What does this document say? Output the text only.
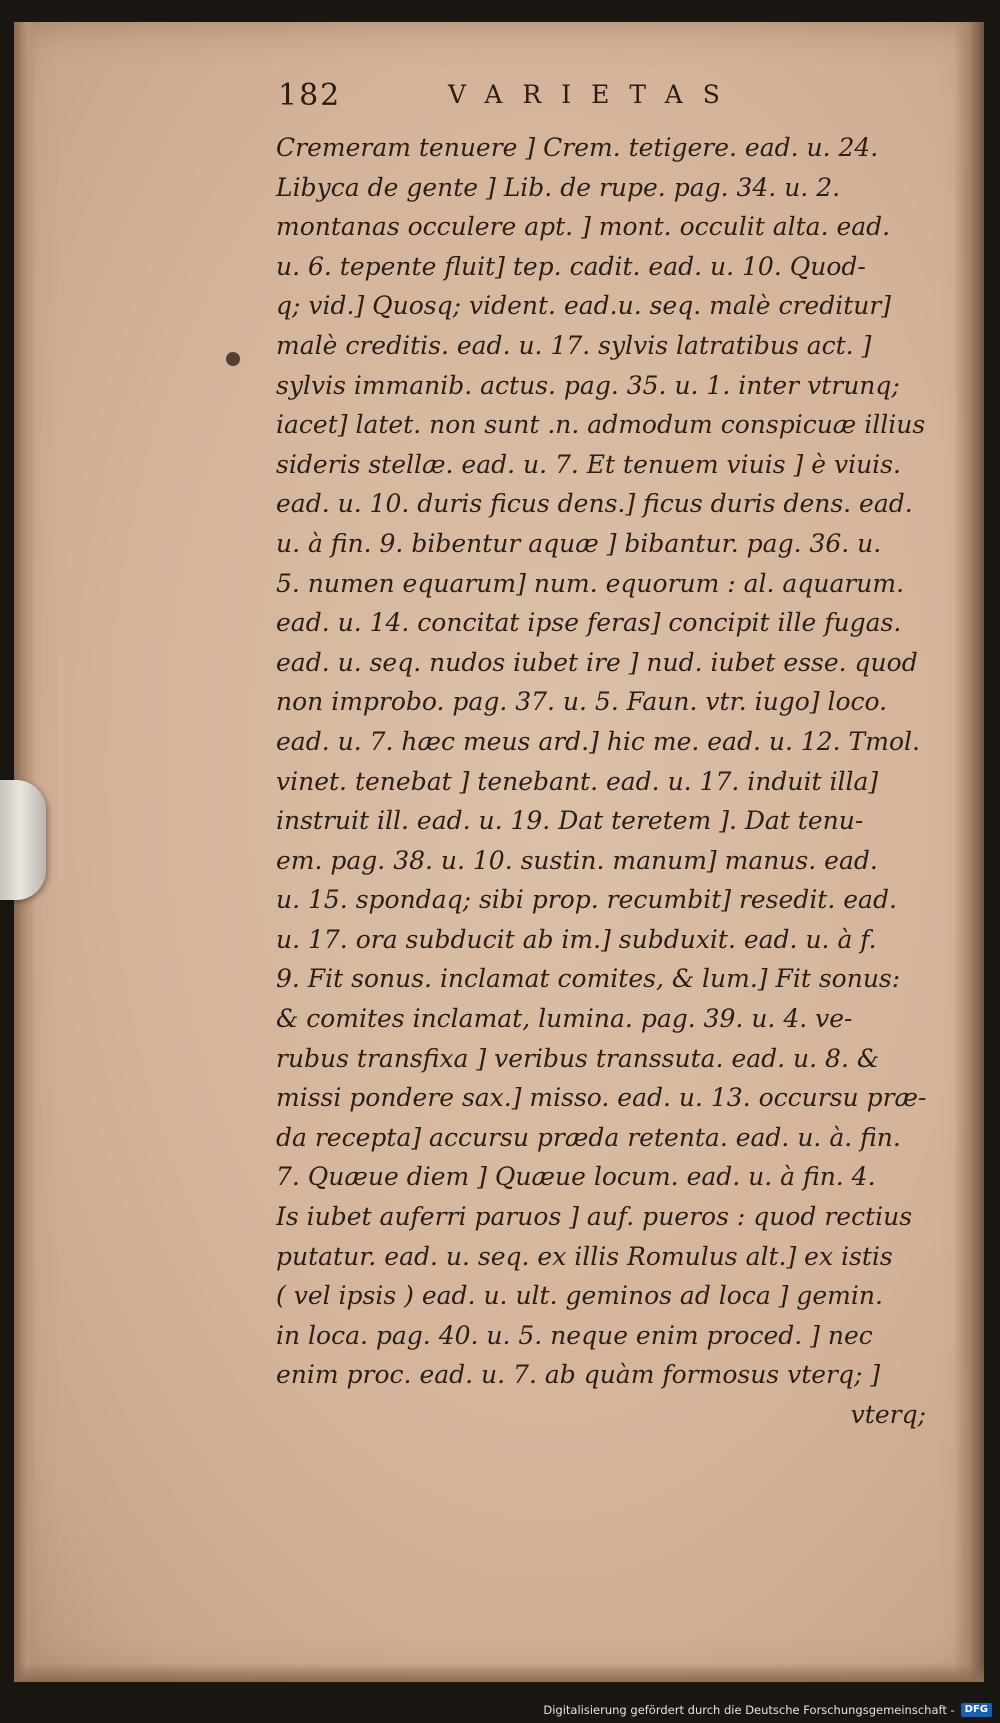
182	VARIETAS
Cremeram tenuere ] Crem. tetigere. ead. u. 24.
Libyca de gente ] Lib. de rupe. pag. 34. u. 2.
montanas occulere apt. ] mont. occulit alta. ead.
u. 6. tepente fluit] tep. cadit. ead. u. 10. Quod-
q; vid.] Quosq; vident. ead.u. seq. malè creditur]
malè creditis. ead. u. 17. sylvis latratibus act. ]
sylvis immanib. actus. pag. 35. u. 1. inter vtrunq;
iacet] latet. non sunt .n. admodum conspicuæ illius
sideris stellæ. ead. u. 7. Et tenuem viuis ] è viuis.
ead. u. 10. duris ficus dens.] ficus duris dens. ead.
u. à fin. 9. bibentur aquæ ] bibantur. pag. 36. u.
5. numen equarum] num. equorum : al. aquarum.
ead. u. 14. concitat ipse feras] concipit ille fugas.
ead. u. seq. nudos iubet ire ] nud. iubet esse. quod
non improbo. pag. 37. u. 5. Faun. vtr. iugo] loco.
ead. u. 7. hæc meus ard.] hic me. ead. u. 12. Tmol.
vinet. tenebat ] tenebant. ead. u. 17. induit illa]
instruit ill. ead. u. 19. Dat teretem ]. Dat tenu-
em. pag. 38. u. 10. sustin. manum] manus. ead.
u. 15. spondaq; sibi prop. recumbit] resedit. ead.
u. 17. ora subducit ab im.] subduxit. ead. u. à f.
9. Fit sonus. inclamat comites, & lum.] Fit sonus:
& comites inclamat, lumina. pag. 39. u. 4. ve-
rubus transfixa ] veribus transsuta. ead. u. 8. &
missi pondere sax.] misso. ead. u. 13. occursu præ-
da recepta] accursu præda retenta. ead. u. à. fin.
7. Quæue diem ] Quæue locum. ead. u. à fin. 4.
Is iubet auferri paruos ] auf. pueros : quod rectius
putatur. ead. u. seq. ex illis Romulus alt.] ex istis
( vel ipsis ) ead. u. ult. geminos ad loca ] gemin.
in loca. pag. 40. u. 5. neque enim proced. ] nec
enim proc. ead. u. 7. ab quàm formosus vterq; ]
vterq;
Digitalisierung gefördert durch die Deutsche Forschungsgemeinschaft -	DFG
